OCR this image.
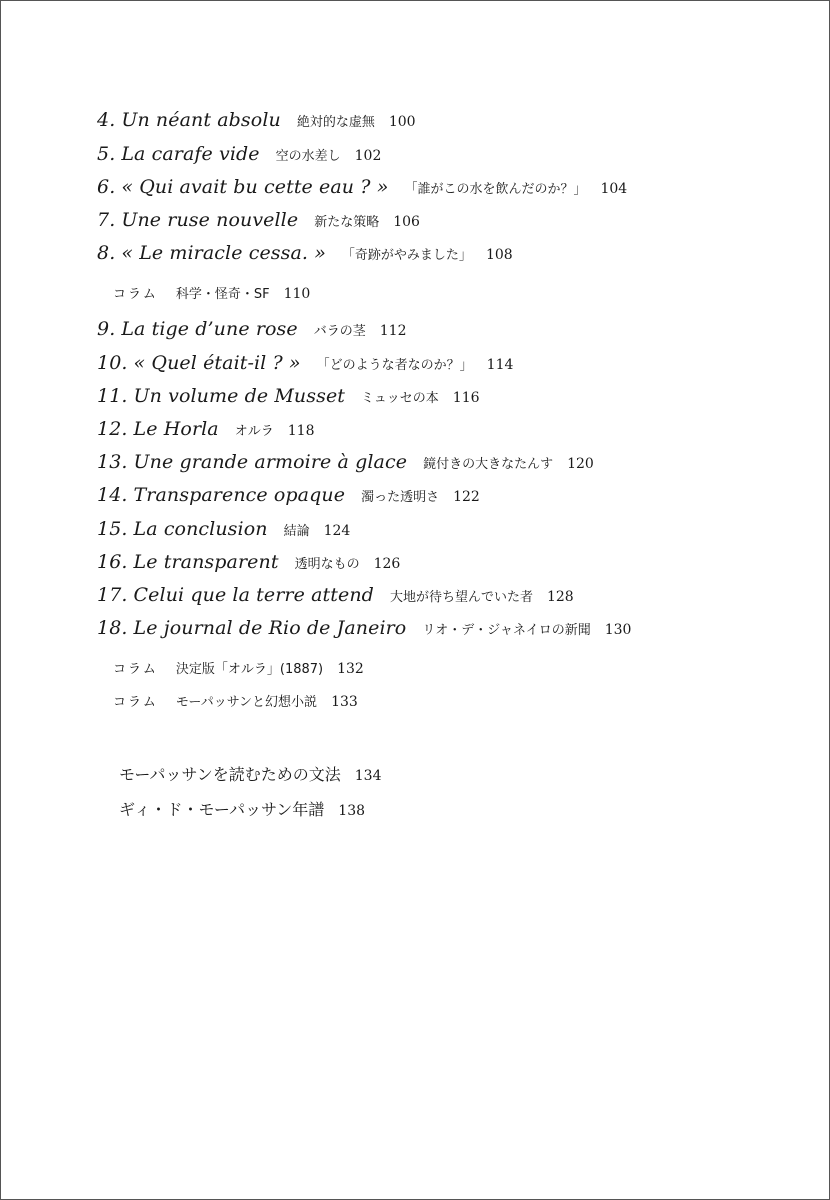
4. Un néant absolu 絶対的な虚無 100
5. La carafe vide 空の水差し 102
6. « Qui avait bu cette eau ? » 「誰がこの水を飲んだのか？」 104
7. Une ruse nouvelle 新たな策略 106
8. « Le miracle cessa. » 「奇跡がやみました」 108
コラム 科学・怪奇・SF 110
9. La tige d’une rose バラの茎 112
10. « Quel était-il ? » 「どのような者なのか？」 114
11. Un volume de Musset ミュッセの本 116
12. Le Horla オルラ 118
13. Une grande armoire à glace 鏡付きの大きなたんす 120
14. Transparence opaque 濁った透明さ 122
15. La conclusion 結論 124
16. Le transparent 透明なもの 126
17. Celui que la terre attend 大地が待ち望んでいた者 128
18. Le journal de Rio de Janeiro リオ・デ・ジャネイロの新聞 130
コラム 決定版「オルラ」(1887) 132
コラム モーパッサンと幻想小説 133
モーパッサンを読むための文法 134
ギィ・ド・モーパッサン年譜 138
